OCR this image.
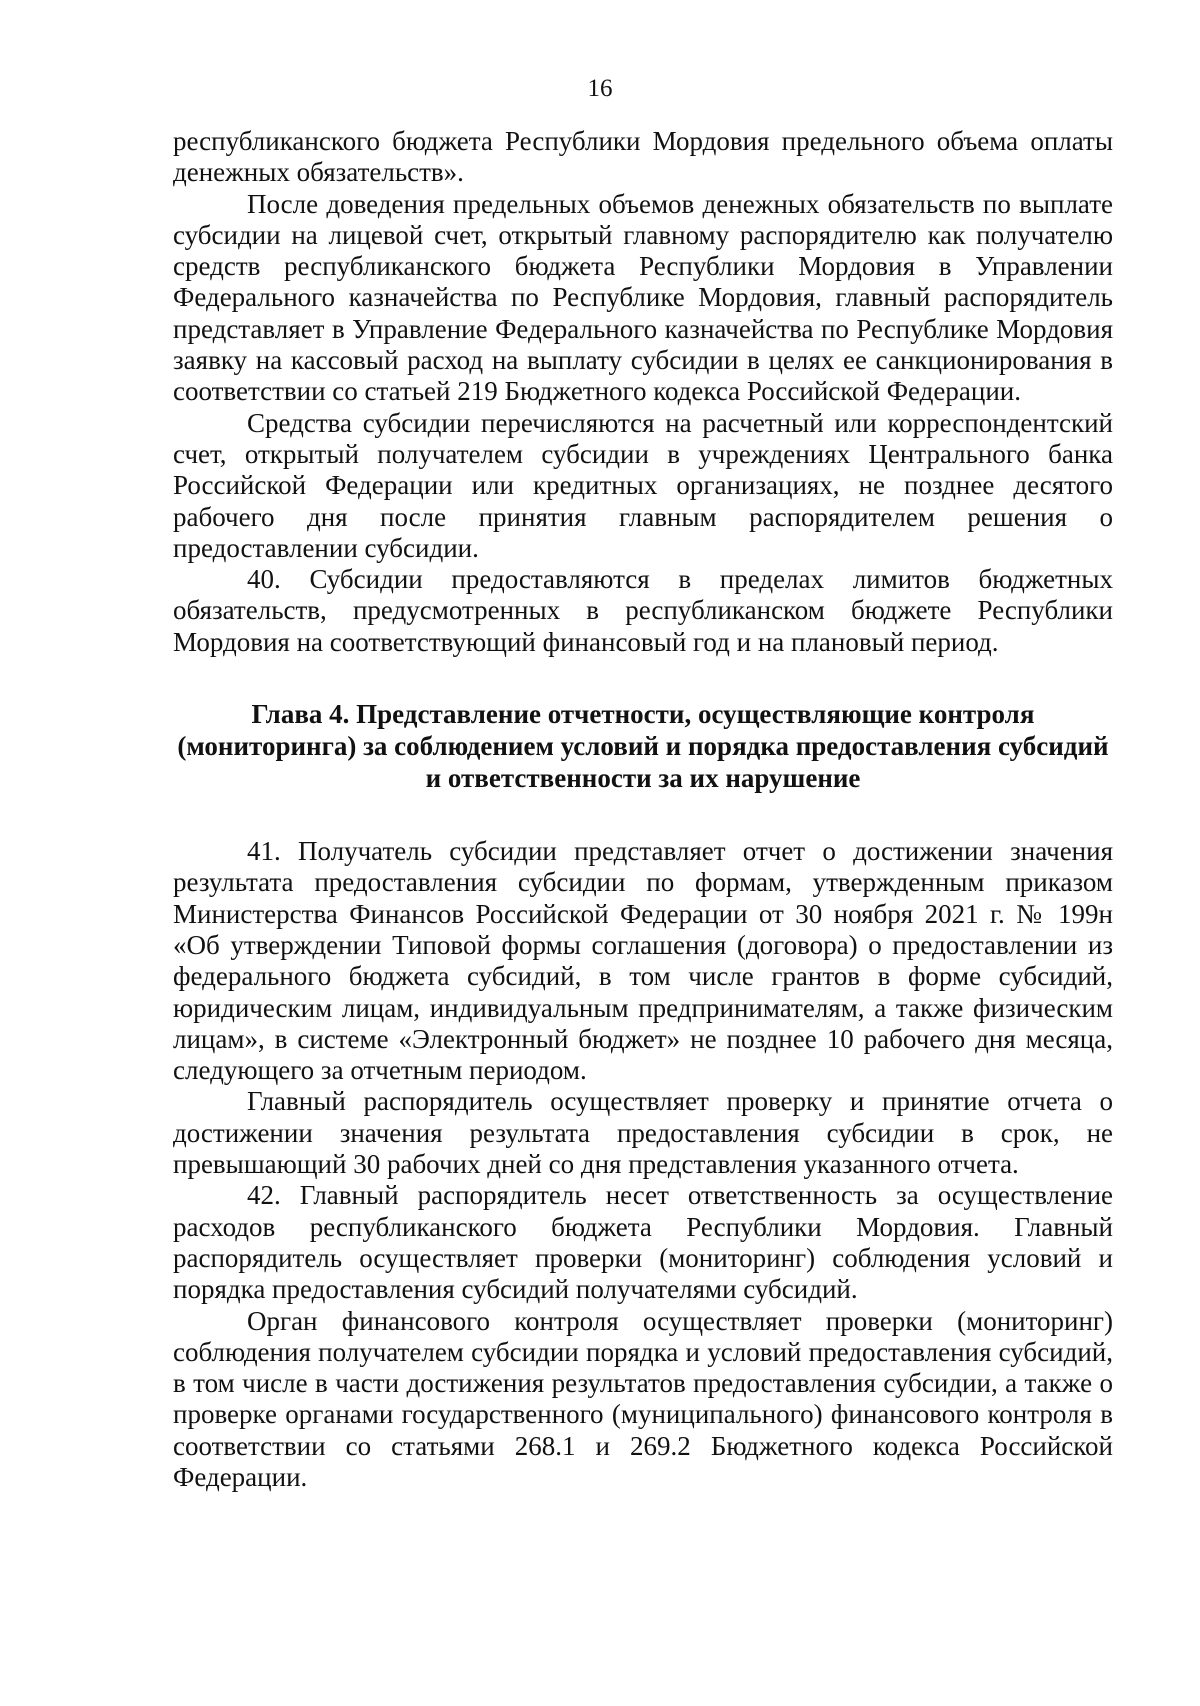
16

республиканского бюджета Республики Мордовия предельного объема оплаты денежных обязательств».

После доведения предельных объемов денежных обязательств по выплате субсидии на лицевой счет, открытый главному распорядителю как получателю средств республиканского бюджета Республики Мордовия в Управлении Федерального казначейства по Республике Мордовия, главный распорядитель представляет в Управление Федерального казначейства по Республике Мордовия заявку на кассовый расход на выплату субсидии в целях ее санкционирования в соответствии со статьей 219 Бюджетного кодекса Российской Федерации.

Средства субсидии перечисляются на расчетный или корреспондентский счет, открытый получателем субсидии в учреждениях Центрального банка Российской Федерации или кредитных организациях, не позднее десятого рабочего дня после принятия главным распорядителем решения о предоставлении субсидии.

40. Субсидии предоставляются в пределах лимитов бюджетных обязательств, предусмотренных в республиканском бюджете Республики Мордовия на соответствующий финансовый год и на плановый период.

Глава 4. Представление отчетности, осуществляющие контроля (мониторинга) за соблюдением условий и порядка предоставления субсидий и ответственности за их нарушение

41. Получатель субсидии представляет отчет о достижении значения результата предоставления субсидии по формам, утвержденным приказом Министерства Финансов Российской Федерации от 30 ноября 2021 г. № 199н «Об утверждении Типовой формы соглашения (договора) о предоставлении из федерального бюджета субсидий, в том числе грантов в форме субсидий, юридическим лицам, индивидуальным предпринимателям, а также физическим лицам», в системе «Электронный бюджет» не позднее 10 рабочего дня месяца, следующего за отчетным периодом.

Главный распорядитель осуществляет проверку и принятие отчета о достижении значения результата предоставления субсидии в срок, не превышающий 30 рабочих дней со дня представления указанного отчета.

42. Главный распорядитель несет ответственность за осуществление расходов республиканского бюджета Республики Мордовия. Главный распорядитель осуществляет проверки (мониторинг) соблюдения условий и порядка предоставления субсидий получателями субсидий.

Орган финансового контроля осуществляет проверки (мониторинг) соблюдения получателем субсидии порядка и условий предоставления субсидий, в том числе в части достижения результатов предоставления субсидии, а также о проверке органами государственного (муниципального) финансового контроля в соответствии со статьями 268.1 и 269.2 Бюджетного кодекса Российской Федерации.
